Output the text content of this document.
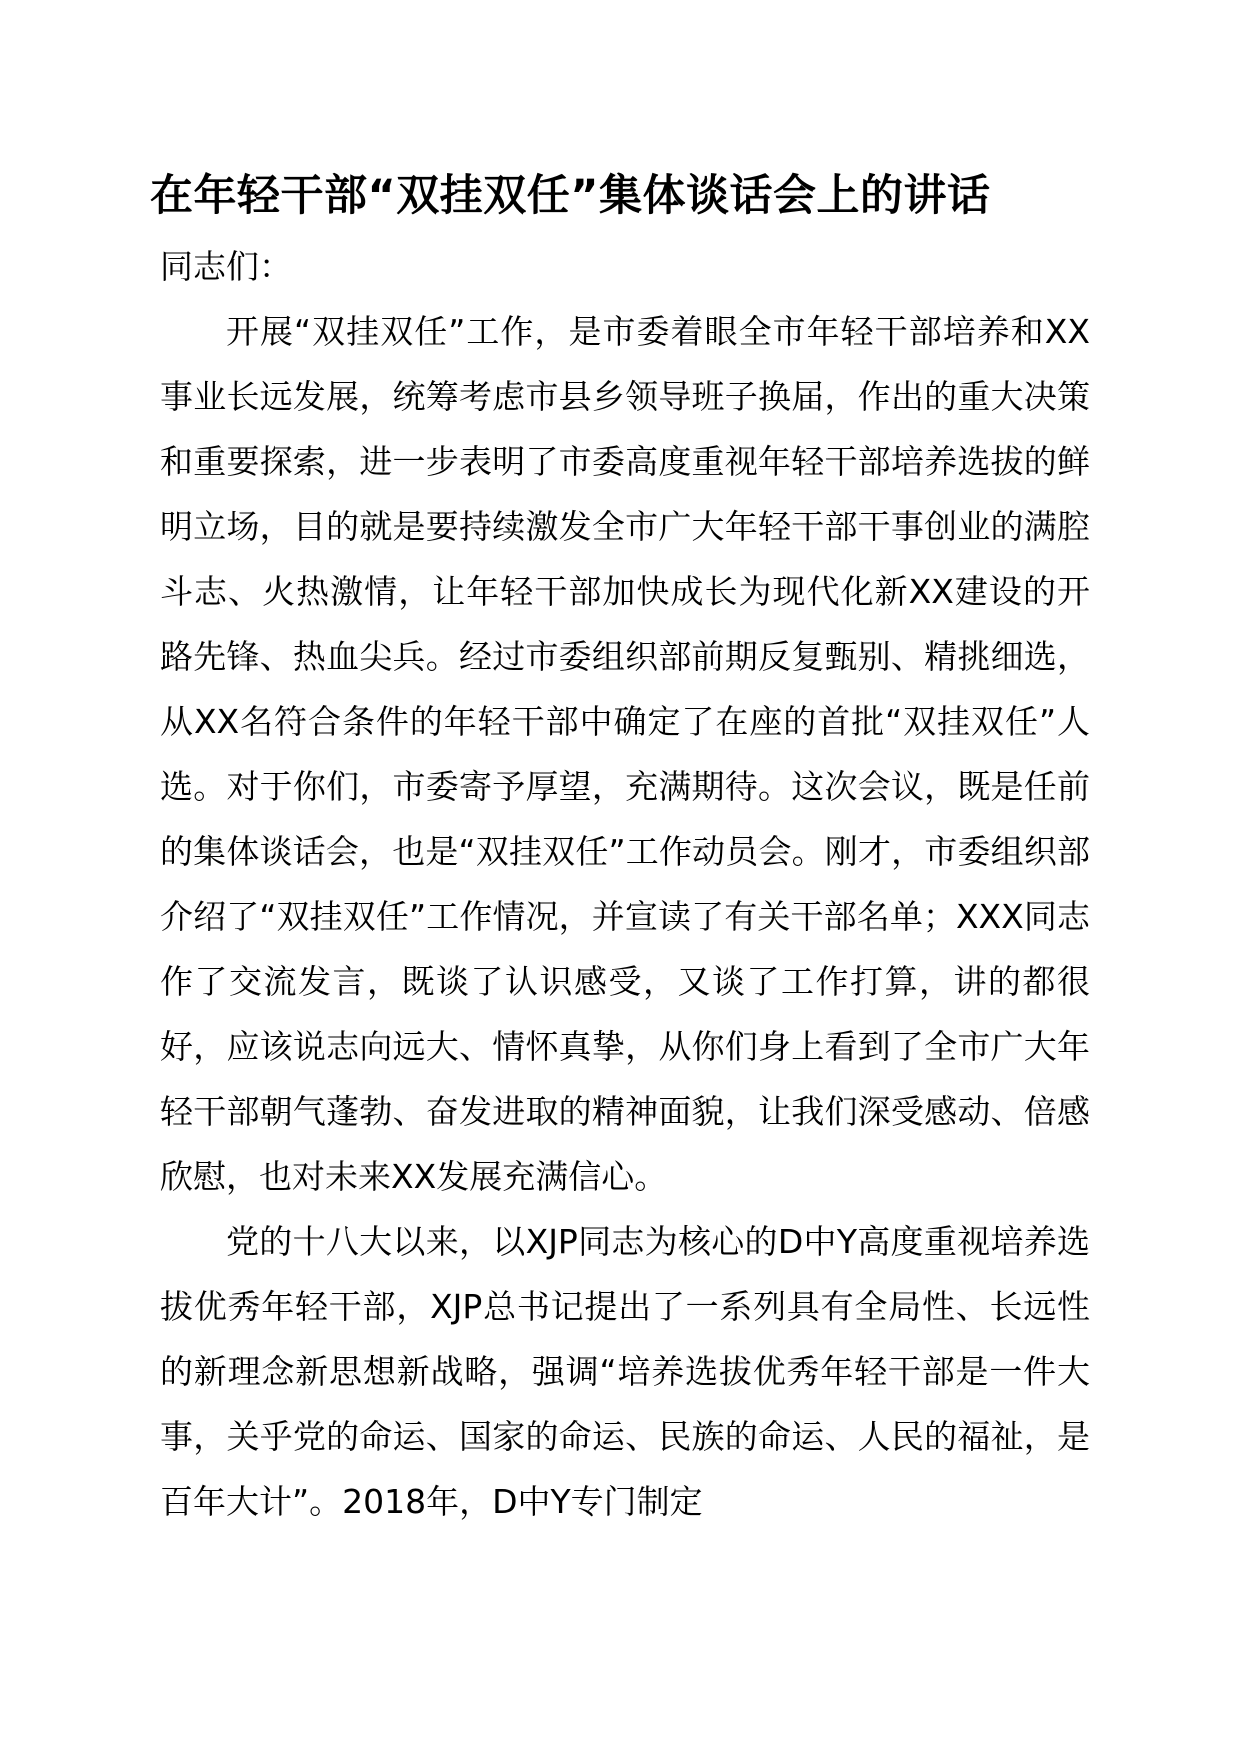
在年轻干部“双挂双任”集体谈话会上的讲话

同志们：

开展“双挂双任”工作，是市委着眼全市年轻干部培养和XX事业长远发展，统筹考虑市县乡领导班子换届，作出的重大决策和重要探索，进一步表明了市委高度重视年轻干部培养选拔的鲜明立场，目的就是要持续激发全市广大年轻干部干事创业的满腔斗志、火热激情，让年轻干部加快成长为现代化新XX建设的开路先锋、热血尖兵。经过市委组织部前期反复甄别、精挑细选，从XX名符合条件的年轻干部中确定了在座的首批“双挂双任”人选。对于你们，市委寄予厚望，充满期待。这次会议，既是任前的集体谈话会，也是“双挂双任”工作动员会。刚才，市委组织部介绍了“双挂双任”工作情况，并宣读了有关干部名单；XXX同志作了交流发言，既谈了认识感受，又谈了工作打算，讲的都很好，应该说志向远大、情怀真挚，从你们身上看到了全市广大年轻干部朝气蓬勃、奋发进取的精神面貌，让我们深受感动、倍感欣慰，也对未来XX发展充满信心。

党的十八大以来，以XJP同志为核心的D中Y高度重视培养选拔优秀年轻干部，XJP总书记提出了一系列具有全局性、长远性的新理念新思想新战略，强调“培养选拔优秀年轻干部是一件大事，关乎党的命运、国家的命运、民族的命运、人民的福祉，是百年大计”。2018年，D中Y专门制定
